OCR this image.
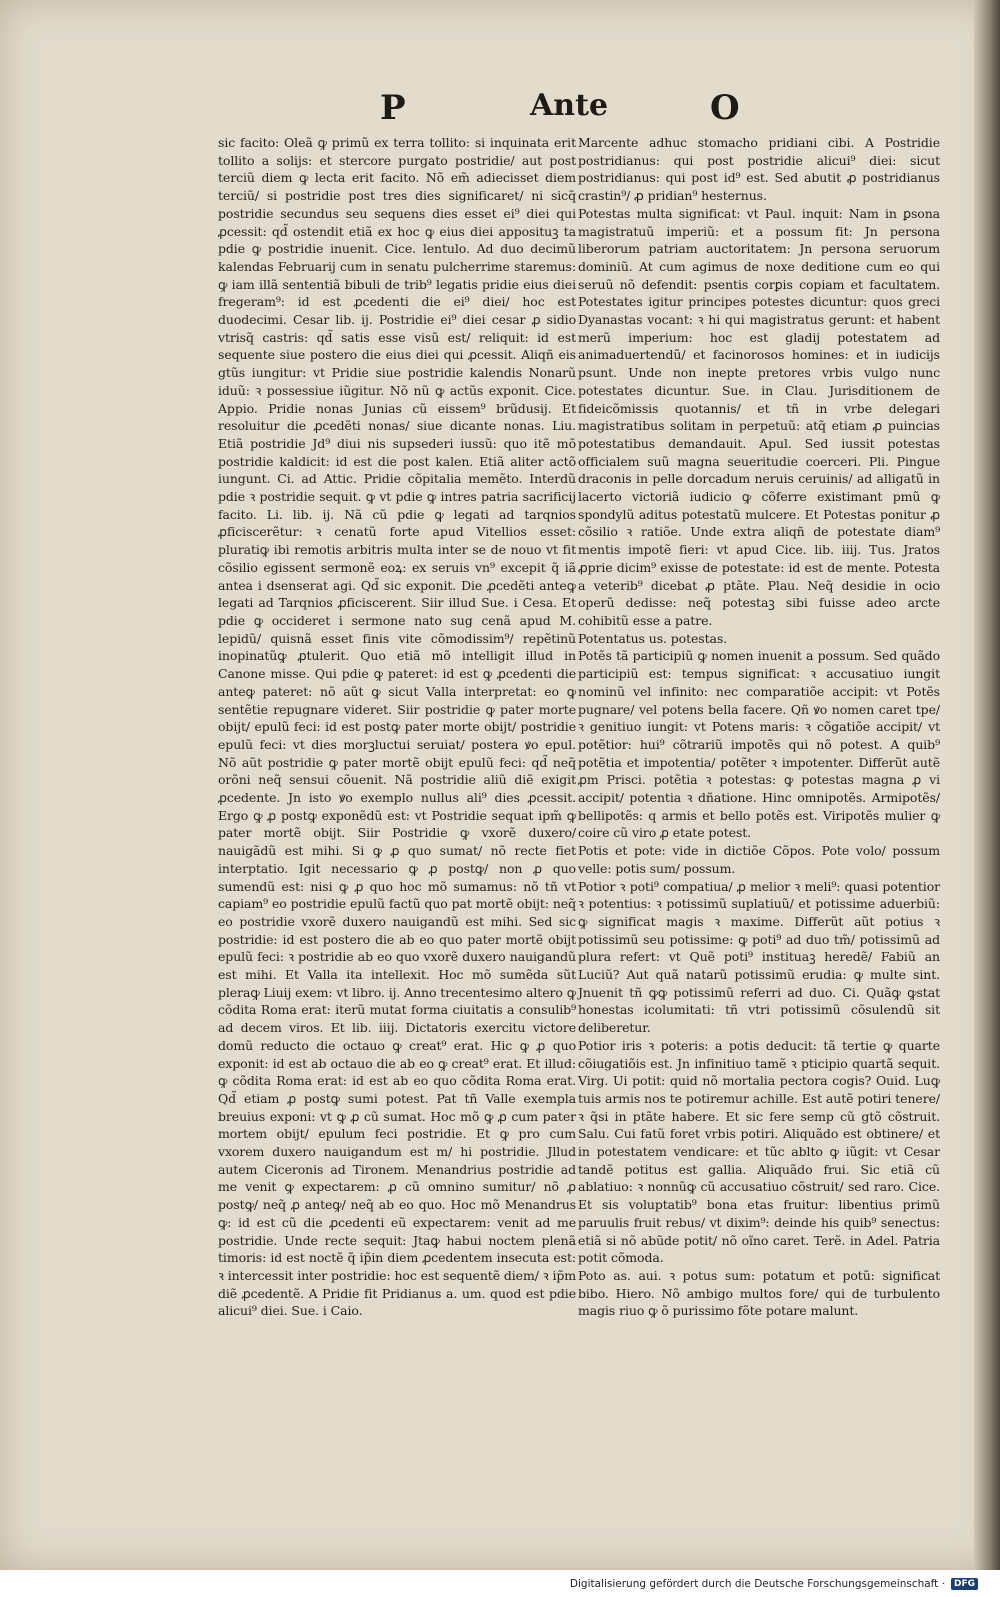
P	Ante	O

sic facito: Oleã ꝙ primũ ex terra tollito: si inquinata erit tollito a solijs: et stercore purgato postridie/ aut post terciũ diem ꝙ lecta erit facito. Nõ em̃ adiecisset diem terciũ/ si postridie post tres dies significaret/ ni sicq̃ postridie secundus seu sequens dies esset ei⁹ diei qui ꝓcessit: qd̃ ostendit etiã ex hoc ꝙ eius diei apposituꝫ ta pdie ꝙ postridie inuenit. Cice. lentulo. Ad duo decimũ kalendas Februarij cum in senatu pulcherrime staremus: ꝙ iam illã sententiã bibuli de trib⁹ legatis pridie eius diei fregeram⁹: id est ꝓcedenti die ei⁹ diei/ hoc est duodecimi. Cesar lib. ij. Postridie ei⁹ diei cesar ꝓ sidio vtrisq̃ castris: qd̃ satis esse visũ est/ reliquit: id est sequente siue postero die eius diei qui ꝓcessit. Aliqñ eis gtũs iungitur: vt Pridie siue postridie kalendis Nonarũ iduũ: ꝛ possessiue iũgitur. Nõ nũ ꝙ actũs exponit. Cice. Appio. Pridie nonas Junias cũ eissem⁹ brũdusij. Et resoluitur die ꝓcedẽti nonas/ siue dicante nonas. Liu. Etiã postridie Jd⁹ diui nis supsederi iussũ: quo itẽ mõ postridie kaldicit: id est die post kalen. Etiã aliter actõ iungunt. Ci. ad Attic. Pridie cõpitalia memẽto. Interdũ pdie ꝛ postridie sequit. ꝙ vt pdie ꝙ intres patria sacrificij facito. Li. lib. ij. Nã cũ pdie ꝙ legati ad tarqnios ꝓficiscerẽtur: ꝛ cenatũ forte apud Vitellios esset: pluratiꝙ ibi remotis arbitris multa inter se de nouo vt fit cõsilio egissent sermonẽ eoꝝ: ex seruis vn⁹ excepit q̃ iã antea i dsenserat agi. Qd̃ sic exponit. Die ꝓcedẽti anteꝙ legati ad Tarqnios ꝓficiscerent. Siir illud Sue. i Cesa. Et pdie ꝙ occideret i sermone nato sug cenã apud M. lepidũ/ quisnã esset finis vite cõmodissim⁹/ repẽtinũ inopinatũꝙ ꝓtulerit. Quo etiã mõ intelligit illud in Canone misse. Qui pdie ꝙ pateret: id est ꝙ ꝓcedenti die anteꝙ pateret: nõ aũt ꝙ sicut Valla interpretat: eo ꝙ sentẽtie repugnare videret. Siir postridie ꝙ pater morte obijt/ epulũ feci: id est postꝙ pater morte obijt/ postridie epulũ feci: vt dies morꝫluctui seruiat/ postera ꝟo epul. Nõ aũt postridie ꝙ pater mortẽ obijt epulũ feci: qd̃ neq̃ orõni neq̃ sensui cõuenit. Nã postridie aliũ diẽ exigit ꝓcedente. Jn isto ꝟo exemplo nullus ali⁹ dies ꝓcessit. Ergo ꝙ ꝓ postꝙ exponẽdũ est: vt Postridie sequat ipm̃ ꝙ pater mortẽ obijt. Siir Postridie ꝙ vxorẽ duxero/ nauigãdũ est mihi. Si ꝙ ꝓ quo sumat/ nõ recte fiet interptatio. Igit necessario ꝙ ꝓ postꝙ/ non ꝓ quo sumendũ est: nisi ꝙ ꝓ quo hoc mõ sumamus: nõ tñ vt capiam⁹ eo postridie epulũ factũ quo pat mortẽ obijt: neq̃ eo postridie vxorẽ duxero nauigandũ est mihi. Sed sic postridie: id est postero die ab eo quo pater mortẽ obijt epulũ feci: ꝛ postridie ab eo quo vxorẽ duxero nauigandũ est mihi. Et Valla ita intellexit. Hoc mõ sumẽda sũt pleraꝙ Liuij exem: vt libro. ij. Anno trecentesimo altero ꝙ cõdita Roma erat: iterũ mutat forma ciuitatis a consulib⁹ ad decem viros. Et lib. iiij. Dictatoris exercitu victore domũ reducto die octauo ꝙ creat⁹ erat. Hic ꝙ ꝓ quo exponit: id est ab octauo die ab eo ꝙ creat⁹ erat. Et illud: ꝙ cõdita Roma erat: id est ab eo quo cõdita Roma erat. Qd̃ etiam ꝓ postꝙ sumi potest. Pat tñ Valle exempla breuius exponi: vt ꝙ ꝓ cũ sumat. Hoc mõ ꝙ ꝓ cum pater mortem obijt/ epulum feci postridie. Et ꝙ pro cum vxorem duxero nauigandum est m/ hi postridie. Jllud autem Ciceronis ad Tironem. Menandrius postridie ad me venit ꝙ expectarem: ꝓ cũ omnino sumitur/ nõ ꝓ postꝙ/ neq̃ ꝓ anteꝙ/ neq̃ ab eo quo. Hoc mõ Menandrus ꝙ: id est cũ die ꝓcedenti eũ expectarem: venit ad me postridie. Unde recte sequit: Jtaꝙ habui noctem plenã timoris: id est noctẽ q̃ ip̃in diem ꝓcedentem insecuta est: ꝛ intercessit inter postridie: hoc est sequentẽ diem/ ꝛ ip̃m diẽ ꝓcedentẽ. A Pridie fit Pridianus a. um. quod est pdie alicui⁹ diei. Sue. i Caio.

Marcente adhuc stomacho pridiani cibi. A Postridie postridianus: qui post postridie alicui⁹ diei: sicut postridianus: qui post id⁹ est. Sed abutit ꝓ postridianus crastin⁹/ ꝓ pridian⁹ hesternus.

Potestas multa significat: vt Paul. inquit: Nam in ꝑsona magistratuũ imperiũ: et a possum fit: Jn persona liberorum patriam auctoritatem: Jn persona seruorum dominiũ. At cum agimus de noxe deditione cum eo qui seruũ nõ defendit: psentis corꝑis copiam et facultatem. Potestates igitur principes potestes dicuntur: quos greci Dyanastas vocant: ꝛ hi qui magistratus gerunt: et habent merũ imperium: hoc est gladij potestatem ad animaduertendũ/ et facinorosos homines: et in iudicijs psunt. Unde non inepte pretores vrbis vulgo nunc potestates dicuntur. Sue. in Clau. Jurisditionem de fideicõmissis quotannis/ et tñ in vrbe delegari magistratibus solitam in perpetuũ: atq̃ etiam ꝓ puincias potestatibus demandauit. Apul. Sed iussit potestas officialem suũ magna seueritudie coerceri. Pli. Pingue draconis in pelle dorcadum neruis ceruinis/ ad alligatũ in lacerto victoriã iudicio ꝙ cõferre existimant pmũ ꝙ spondylũ aditus potestatũ mulcere. Et Potestas ponitur ꝓ cõsilio ꝛ ratiõe. Unde extra aliqñ de potestate diam⁹ mentis impotẽ fieri: vt apud Cice. lib. iiij. Tus. Jratos ꝓprie dicim⁹ exisse de potestate: id est de mente. Potesta a veterib⁹ dicebat ꝓ ptãte. Plau. Neq̃ desidie in ocio operũ dedisse: neq̃ potestaꝫ sibi fuisse adeo arcte cohibitũ esse a patre.

Potentatus us. potestas.

Potẽs tã participiũ ꝙ nomen inuenit a possum. Sed quãdo participiũ est: tempus significat: ꝛ accusatiuo iungit nominũ vel infinito: nec comparatiõe accipit: vt Potẽs pugnare/ vel potens bella facere. Qñ ꝟo nomen caret tpe/ ꝛ genitiuo iungit: vt Potens maris: ꝛ cõgatiõe accipit/ vt potẽtior: hui⁹ cõtrariũ impotẽs qui nõ potest. A quib⁹ potẽtia et impotentia/ potẽter ꝛ impotenter. Differũt autẽ ꝓm Prisci. potẽtia ꝛ potestas: ꝙ potestas magna ꝓ vi accipit/ potentia ꝛ dñatione. Hinc omnipotẽs. Armipotẽs/ bellipotẽs: q armis et bello potẽs est. Viripotẽs mulier ꝙ coire cũ viro ꝓ etate potest.

Potis et pote: vide in dictiõe Cõpos. Pote volo/ possum velle: potis sum/ possum.

Potior ꝛ poti⁹ compatiua/ ꝓ melior ꝛ meli⁹: quasi potentior ꝛ potentius: ꝛ potissimũ suplatiuũ/ et potissime aduerbiũ: ꝙ significat magis ꝛ maxime. Differũt aũt potius ꝛ potissimũ seu potissime: ꝙ poti⁹ ad duo tm̃/ potissimũ ad plura refert: vt Quẽ poti⁹ instituaꝫ heredẽ/ Fabiũ an Luciũ? Aut quã natarũ potissimũ erudia: ꝙ multe sint. Jnuenit tñ ꝙꝙ potissimũ referri ad duo. Ci. Quãꝙ ꝙstat honestas icolumitati: tñ vtri potissimũ cõsulendũ sit deliberetur.

Potior iris ꝛ poteris: a potis deducit: tã tertie ꝙ quarte cõiugatiõis est. Jn infinitiuo tamẽ ꝛ pticipio quartã sequit. Virg. Ui potit: quid nõ mortalia pectora cogis? Ouid. Luꝙ tuis armis nos te potiremur achille. Est autẽ potiri tenere/ ꝛ q̃si in ptãte habere. Et sic fere semp cũ gtõ cõstruit. Salu. Cui fatũ foret vrbis potiri. Aliquãdo est obtinere/ et in potestatem vendicare: et tũc ablto ꝙ iũgit: vt Cesar tandẽ potitus est gallia. Aliquãdo frui. Sic etiã cũ ablatiuo: ꝛ nonnũꝙ cũ accusatiuo cõstruit/ sed raro. Cice. Et sis voluptatib⁹ bona etas fruitur: libentius primũ paruulis fruit rebus/ vt dixim⁹: deinde his quib⁹ senectus: etiã si nõ abũde potit/ nõ oĩno caret. Terẽ. in Adel. Patria potit cõmoda.

Poto as. aui. ꝛ potus sum: potatum et potũ: significat bibo. Hiero. Nõ ambigo multos fore/ qui de turbulento magis riuo ꝙ õ purissimo fõte potare malunt.

Digitalisierung gefördert durch die Deutsche Forschungsgemeinschaft ·	DFG
